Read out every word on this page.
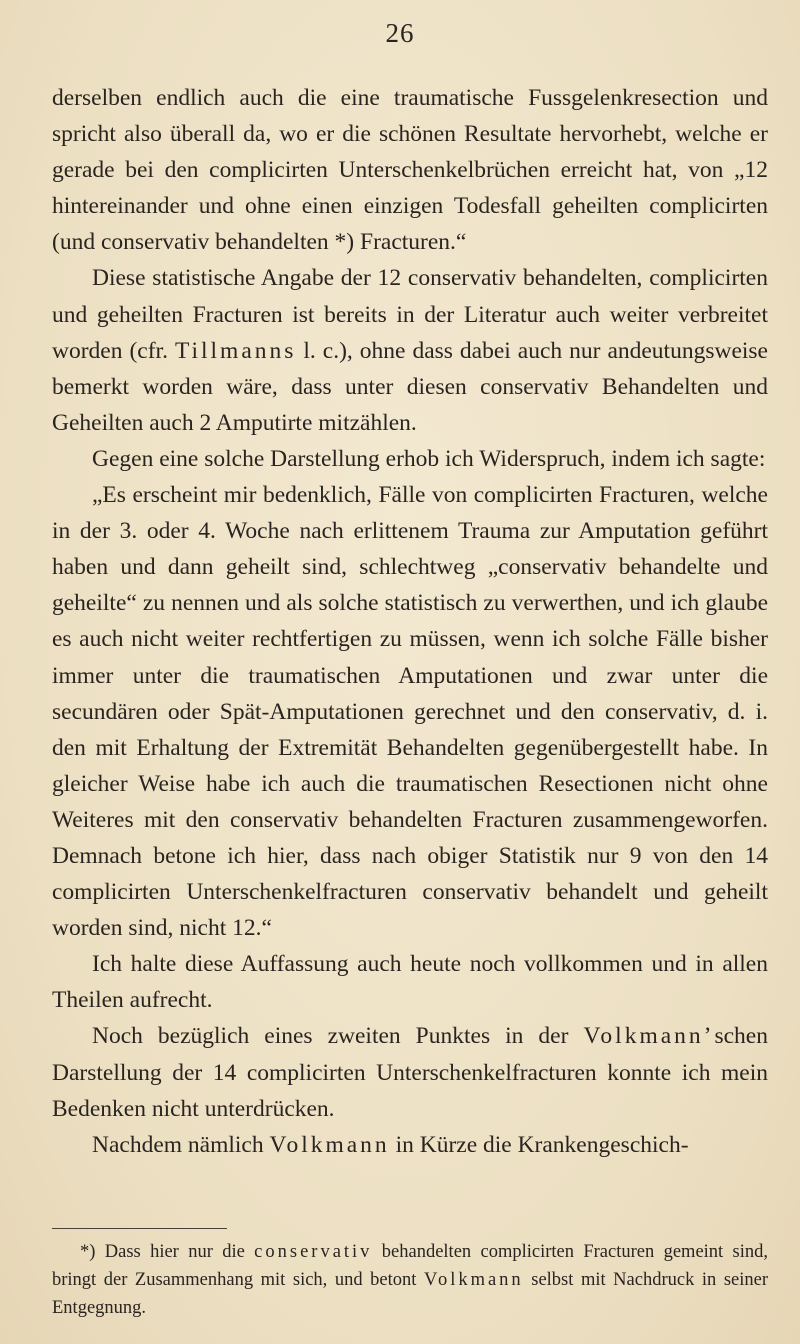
26

derselben endlich auch die eine traumatische Fussgelenkresection und spricht also überall da, wo er die schönen Resultate hervorhebt, welche er gerade bei den complicirten Unterschenkelbrüchen erreicht hat, von „12 hintereinander und ohne einen einzigen Todesfall geheilten complicirten (und conservativ behandelten *) Fracturen.“

Diese statistische Angabe der 12 conservativ behandelten, complicirten und geheilten Fracturen ist bereits in der Literatur auch weiter verbreitet worden (cfr. Tillmanns l. c.), ohne dass dabei auch nur andeutungsweise bemerkt worden wäre, dass unter diesen conservativ Behandelten und Geheilten auch 2 Amputirte mitzählen.

Gegen eine solche Darstellung erhob ich Widerspruch, indem ich sagte:

„Es erscheint mir bedenklich, Fälle von complicirten Fracturen, welche in der 3. oder 4. Woche nach erlittenem Trauma zur Amputation geführt haben und dann geheilt sind, schlechtweg „conservativ behandelte und geheilte“ zu nennen und als solche statistisch zu verwerthen, und ich glaube es auch nicht weiter rechtfertigen zu müssen, wenn ich solche Fälle bisher immer unter die traumatischen Amputationen und zwar unter die secundären oder Spät-Amputationen gerechnet und den conservativ, d. i. den mit Erhaltung der Extremität Behandelten gegenübergestellt habe. In gleicher Weise habe ich auch die traumatischen Resectionen nicht ohne Weiteres mit den conservativ behandelten Fracturen zusammengeworfen. Demnach betone ich hier, dass nach obiger Statistik nur 9 von den 14 complicirten Unterschenkelfracturen conservativ behandelt und geheilt worden sind, nicht 12.“

Ich halte diese Auffassung auch heute noch vollkommen und in allen Theilen aufrecht.

Noch bezüglich eines zweiten Punktes in der Volkmann’schen Darstellung der 14 complicirten Unterschenkelfracturen konnte ich mein Bedenken nicht unterdrücken.

Nachdem nämlich Volkmann in Kürze die Krankengeschich-

*) Dass hier nur die conservativ behandelten complicirten Fracturen gemeint sind, bringt der Zusammenhang mit sich, und betont Volkmann selbst mit Nachdruck in seiner Entgegnung.
